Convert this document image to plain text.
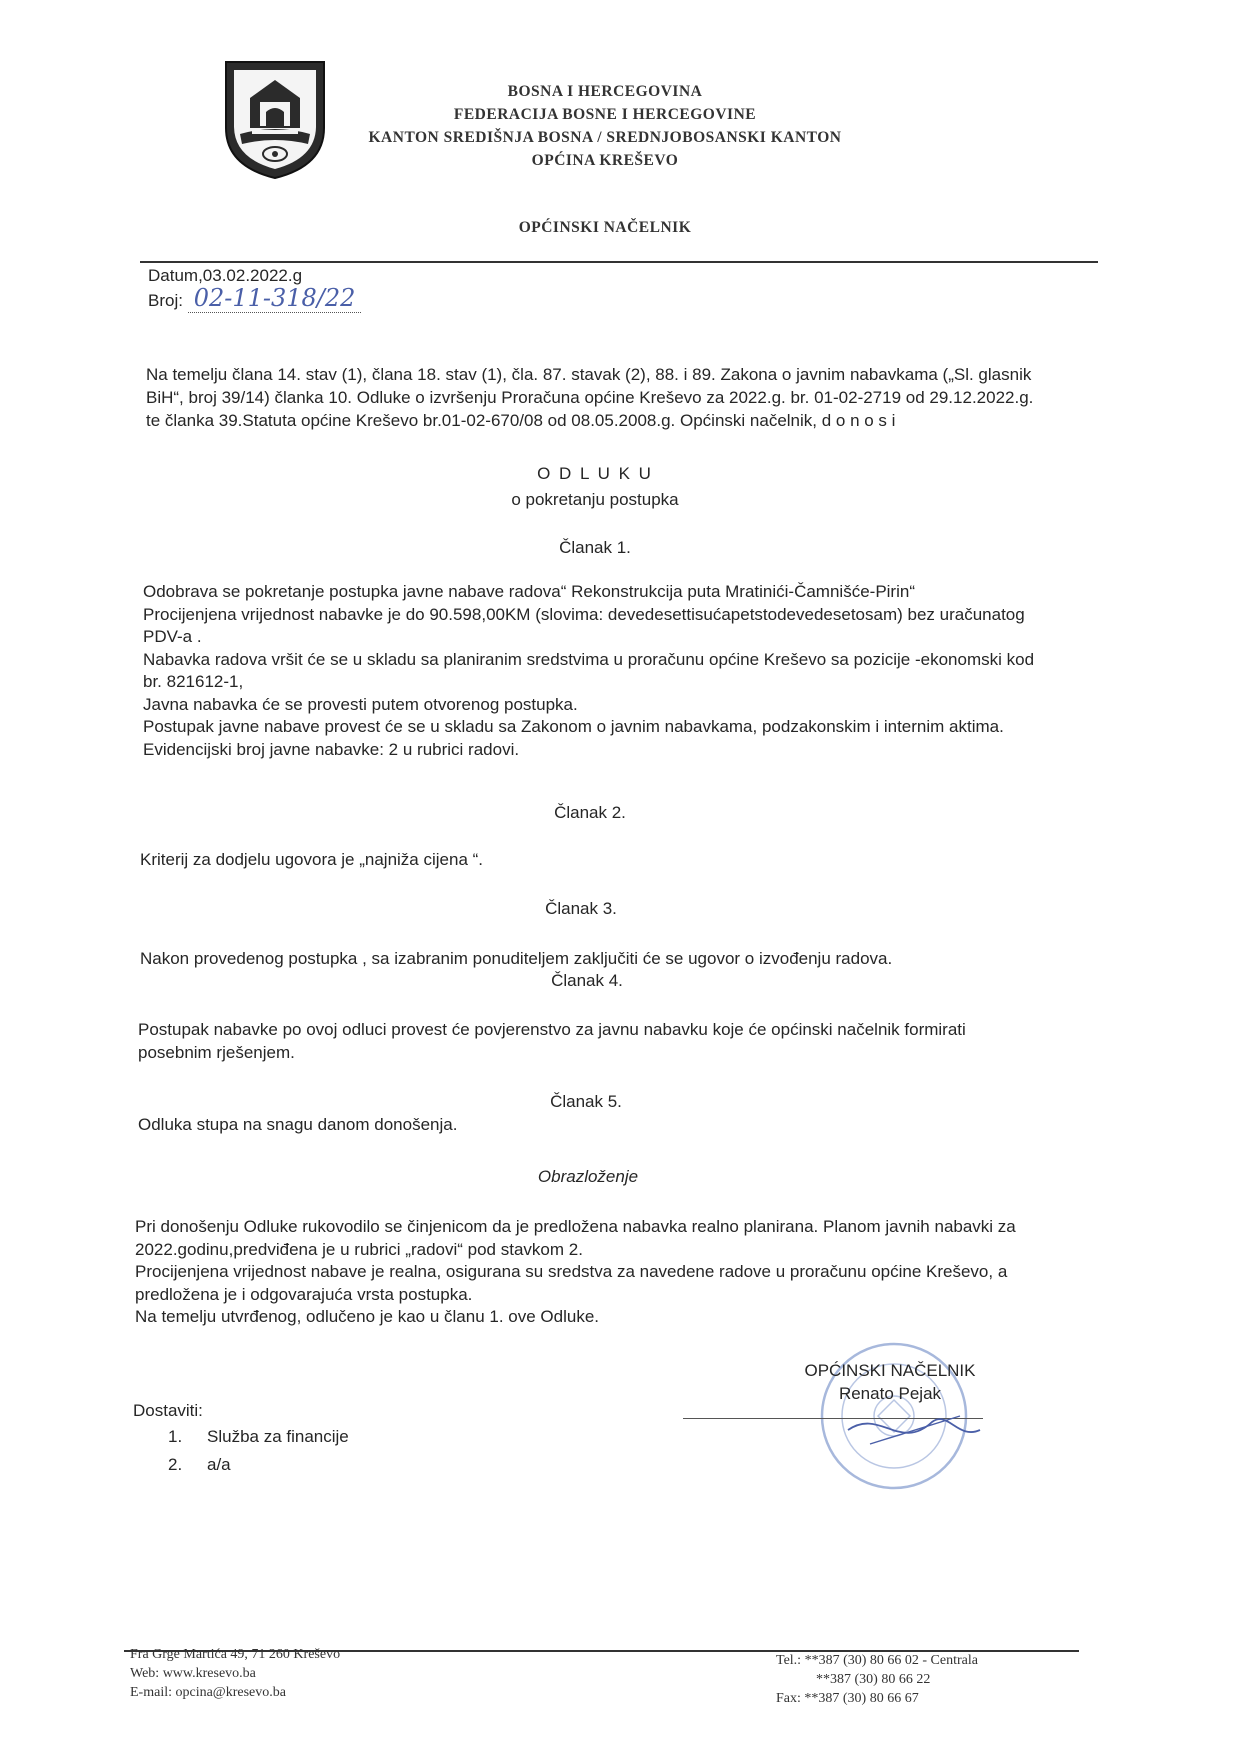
BOSNA I HERCEGOVINA
FEDERACIJA BOSNE I HERCEGOVINE
KANTON SREDIŠNJA BOSNA / SREDNJOBOSANSKI KANTON
OPĆINA KREŠEVO
OPĆINSKI NAČELNIK
Datum,03.02.2022.g
Broj: 02-11-318/22
Na temelju člana 14. stav (1), člana 18. stav (1), čla. 87. stavak (2), 88. i 89. Zakona o javnim nabavkama („Sl. glasnik
BiH“, broj 39/14) članka 10. Odluke o izvršenju Proračuna općine Kreševo za 2022.g. br. 01-02-2719 od 29.12.2022.g.
te članka 39.Statuta općine Kreševo br.01-02-670/08 od 08.05.2008.g. Općinski načelnik, d o n o s i
O D L U K U
o pokretanju postupka
Članak 1.
Odobrava se pokretanje postupka javne nabave radova“ Rekonstrukcija puta Mratinići-Čamnišće-Pirin“
Procijenjena vrijednost nabavke je do 90.598,00KM (slovima: devedesettisućapetstodevedesetosam) bez uračunatog
PDV-a .
Nabavka radova vršit će se u skladu sa planiranim sredstvima u proračunu općine Kreševo sa pozicije -ekonomski kod
br. 821612-1,
Javna nabavka će se provesti putem otvorenog postupka.
Postupak javne nabave provest će se u skladu sa Zakonom o javnim nabavkama, podzakonskim i internim aktima.
Evidencijski broj javne nabavke: 2 u rubrici radovi.
Članak 2.
Kriterij za dodjelu ugovora je „najniža cijena “.
Članak 3.
Nakon provedenog postupka , sa izabranim ponuditeljem zaključiti će se ugovor o izvođenju radova.
Članak 4.
Postupak nabavke po ovoj odluci provest će povjerenstvo za javnu nabavku koje će općinski načelnik formirati
posebnim rješenjem.
Članak 5.
Odluka stupa na snagu danom donošenja.
Obrazloženje
Pri donošenju Odluke rukovodilo se činjenicom da je predložena nabavka realno planirana. Planom javnih nabavki za
2022.godinu,predviđena je u rubrici „radovi“ pod stavkom 2.
Procijenjena vrijednost nabave je realna, osigurana su sredstva za navedene radove u proračunu općine Kreševo, a
predložena je i odgovarajuća vrsta postupka.
Na temelju utvrđenog, odlučeno je kao u članu 1. ove Odluke.
OPĆINSKI NAČELNIK
Renato Pejak
Dostaviti:
1. Služba za financije
2. a/a
Fra Grge Martića 49, 71 260 Kreševo
Web: www.kresevo.ba
E-mail: opcina@kresevo.ba
Tel.: **387 (30) 80 66 02 - Centrala
**387 (30) 80 66 22
Fax: **387 (30) 80 66 67
